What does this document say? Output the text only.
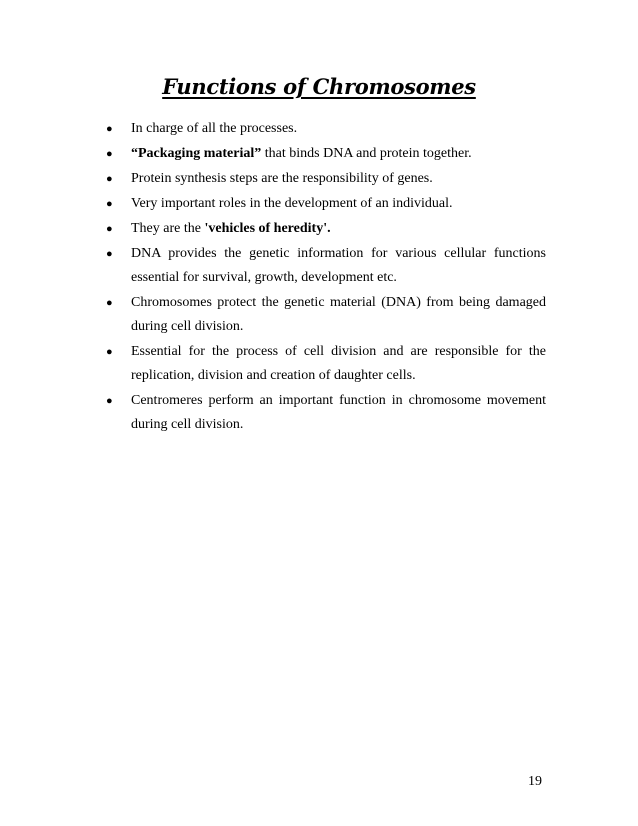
Functions of Chromosomes
● In charge of all the processes.
● “Packaging material” that binds DNA and protein together.
● Protein synthesis steps are the responsibility of genes.
● Very important roles in the development of an individual.
● They are the 'vehicles of heredity'.
● DNA provides the genetic information for various cellular functions essential for survival, growth, development etc.
● Chromosomes protect the genetic material (DNA) from being damaged during cell division.
● Essential for the process of cell division and are responsible for the replication, division and creation of daughter cells.
● Centromeres perform an important function in chromosome movement during cell division.
19
